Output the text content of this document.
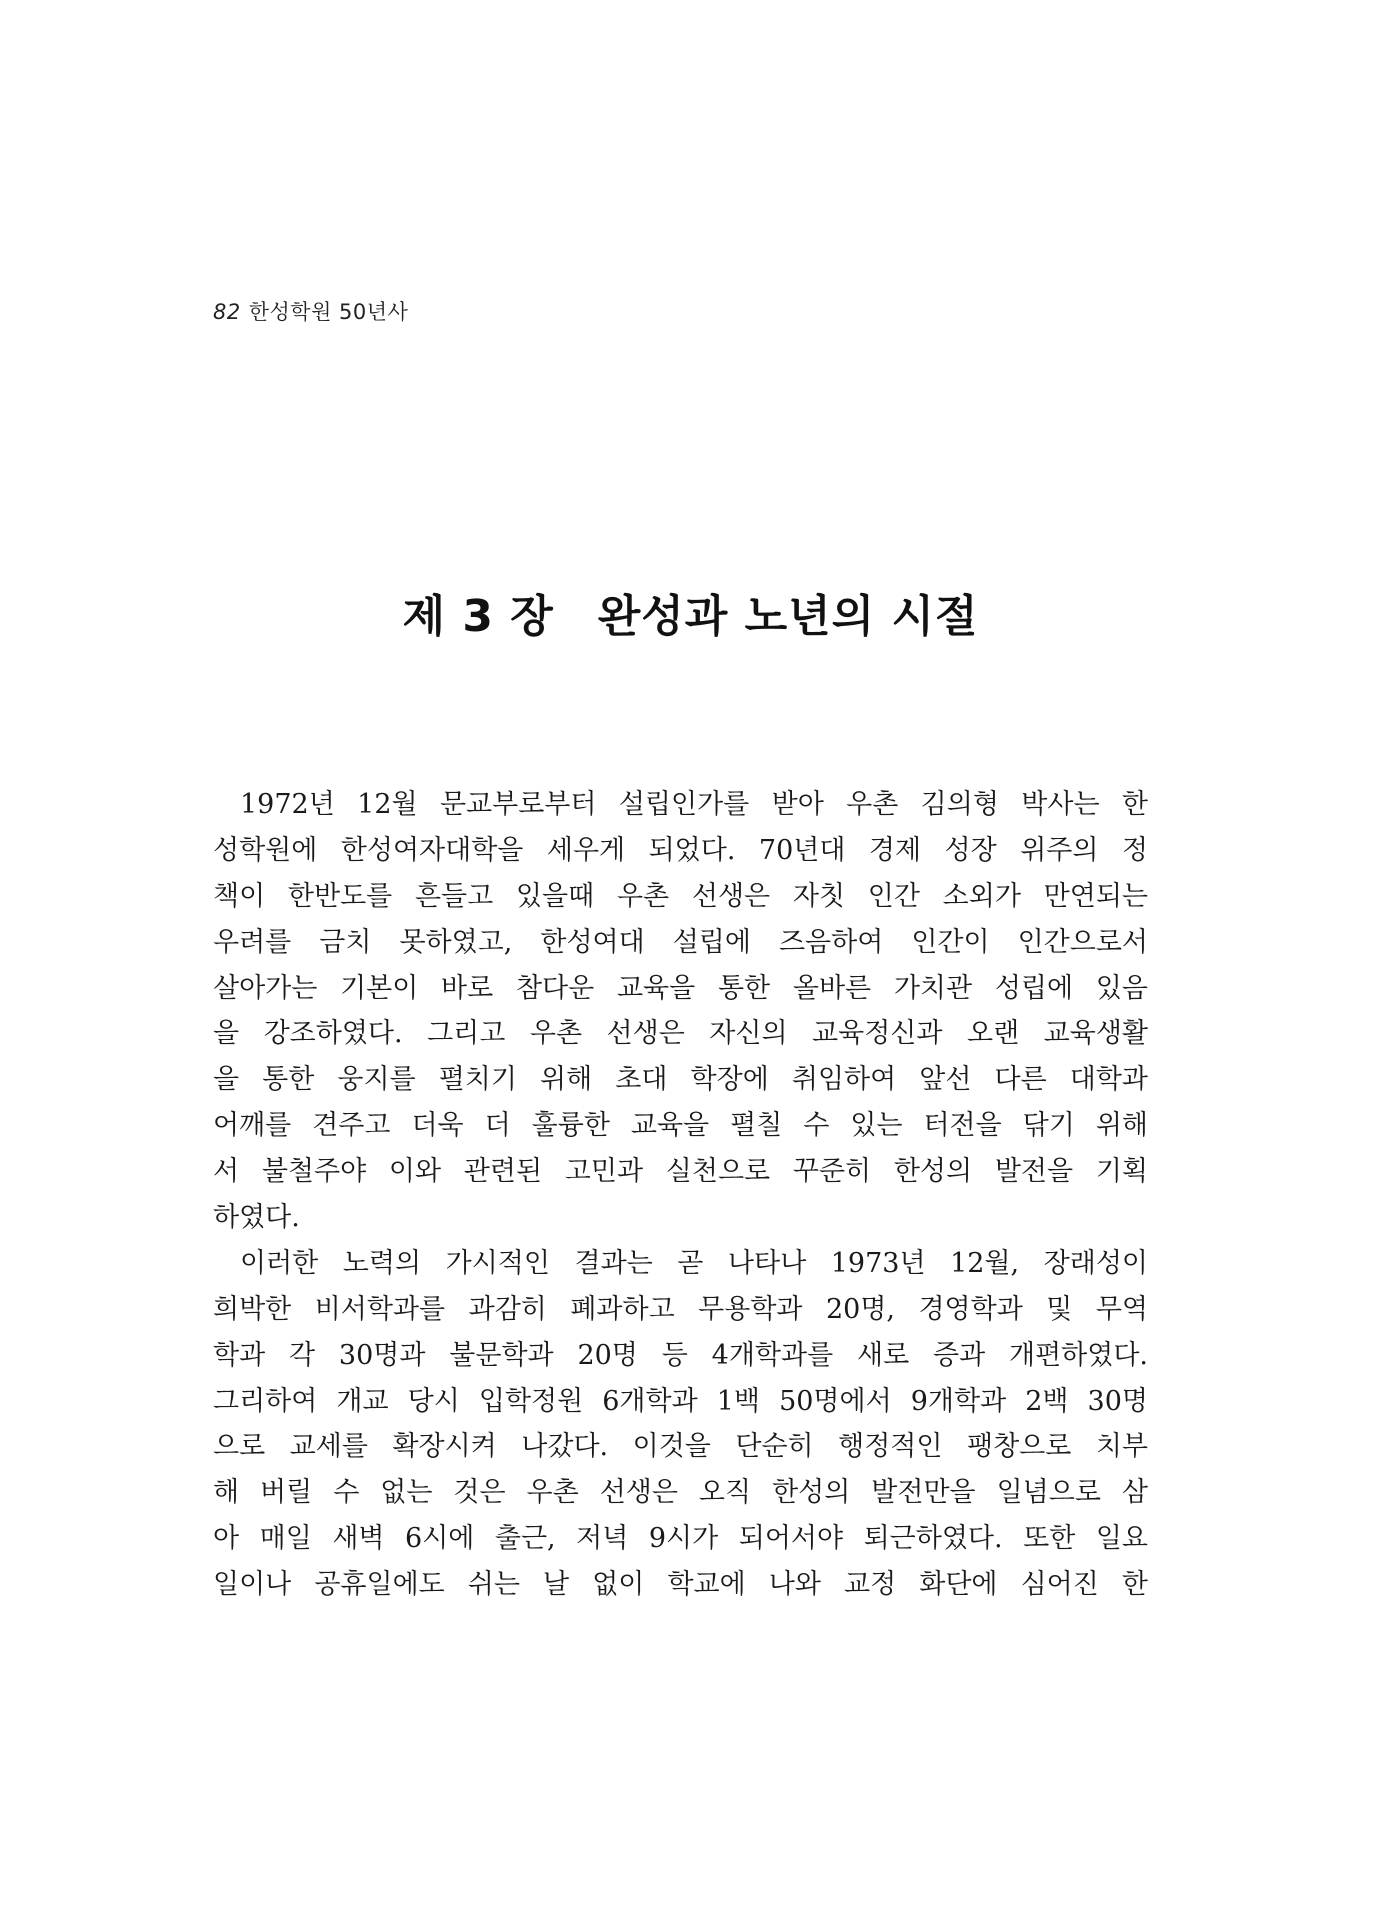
82 한성학원 50년사
제 3 장 완성과 노년의 시절
1972년 12월 문교부로부터 설립인가를 받아 우촌 김의형 박사는 한
성학원에 한성여자대학을 세우게 되었다. 70년대 경제 성장 위주의 정
책이 한반도를 흔들고 있을때 우촌 선생은 자칫 인간 소외가 만연되는
우려를 금치 못하였고, 한성여대 설립에 즈음하여 인간이 인간으로서
살아가는 기본이 바로 참다운 교육을 통한 올바른 가치관 성립에 있음
을 강조하였다. 그리고 우촌 선생은 자신의 교육정신과 오랜 교육생활
을 통한 웅지를 펼치기 위해 초대 학장에 취임하여 앞선 다른 대학과
어깨를 견주고 더욱 더 훌륭한 교육을 펼칠 수 있는 터전을 닦기 위해
서 불철주야 이와 관련된 고민과 실천으로 꾸준히 한성의 발전을 기획
하였다.
이러한 노력의 가시적인 결과는 곧 나타나 1973년 12월, 장래성이
희박한 비서학과를 과감히 폐과하고 무용학과 20명, 경영학과 및 무역
학과 각 30명과 불문학과 20명 등 4개학과를 새로 증과 개편하였다.
그리하여 개교 당시 입학정원 6개학과 1백 50명에서 9개학과 2백 30명
으로 교세를 확장시켜 나갔다. 이것을 단순히 행정적인 팽창으로 치부
해 버릴 수 없는 것은 우촌 선생은 오직 한성의 발전만을 일념으로 삼
아 매일 새벽 6시에 출근, 저녁 9시가 되어서야 퇴근하였다. 또한 일요
일이나 공휴일에도 쉬는 날 없이 학교에 나와 교정 화단에 심어진 한
